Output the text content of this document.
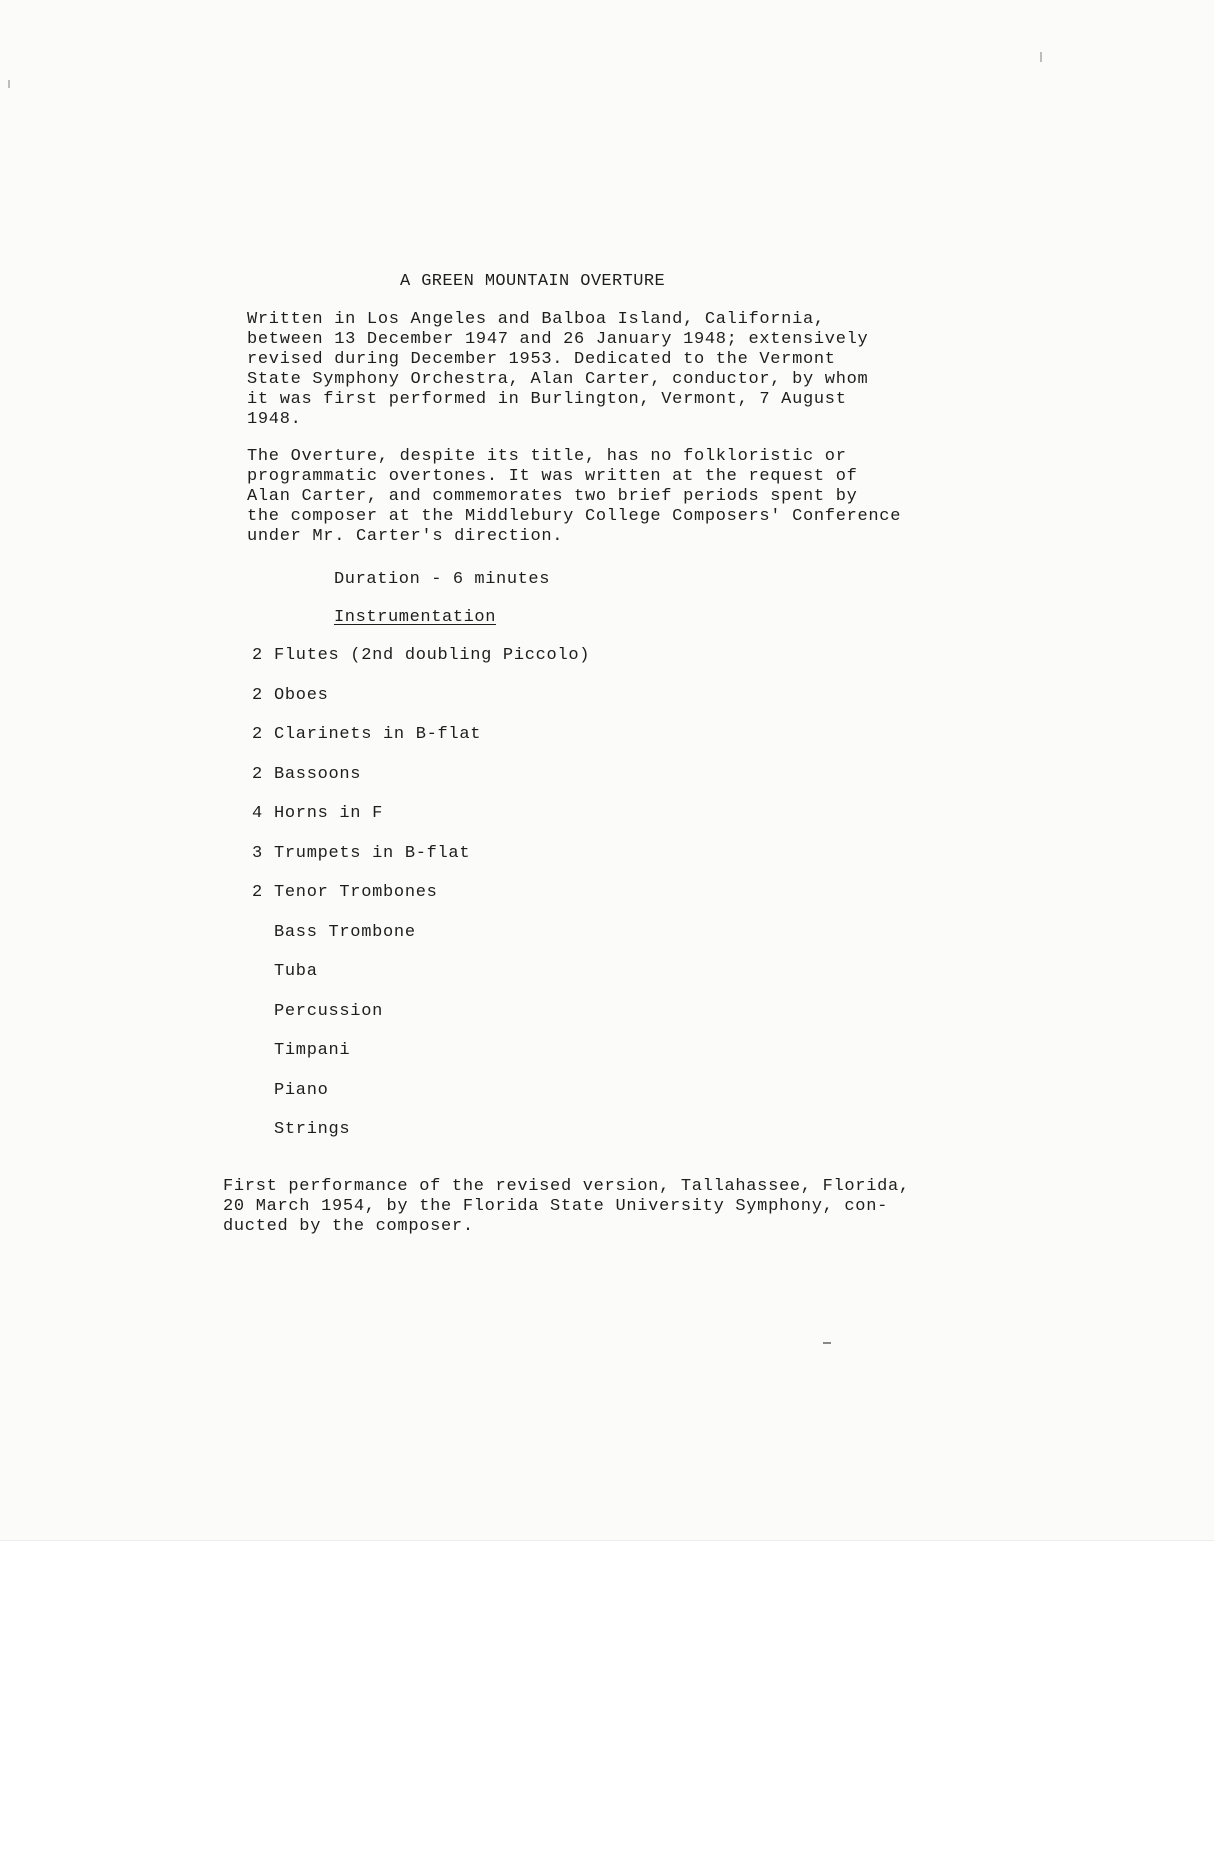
A GREEN MOUNTAIN OVERTURE
Written in Los Angeles and Balboa Island, California,
between 13 December 1947 and 26 January 1948; extensively
revised during December 1953. Dedicated to the Vermont
State Symphony Orchestra, Alan Carter, conductor, by whom
it was first performed in Burlington, Vermont, 7 August
1948.
The Overture, despite its title, has no folkloristic or
programmatic overtones. It was written at the request of
Alan Carter, and commemorates two brief periods spent by
the composer at the Middlebury College Composers' Conference
under Mr. Carter's direction.
Duration - 6 minutes
Instrumentation
2 Flutes (2nd doubling Piccolo)
2 Oboes
2 Clarinets in B-flat
2 Bassoons
4 Horns in F
3 Trumpets in B-flat
2 Tenor Trombones
Bass Trombone
Tuba
Percussion
Timpani
Piano
Strings
First performance of the revised version, Tallahassee, Florida,
20 March 1954, by the Florida State University Symphony, con-
ducted by the composer.
